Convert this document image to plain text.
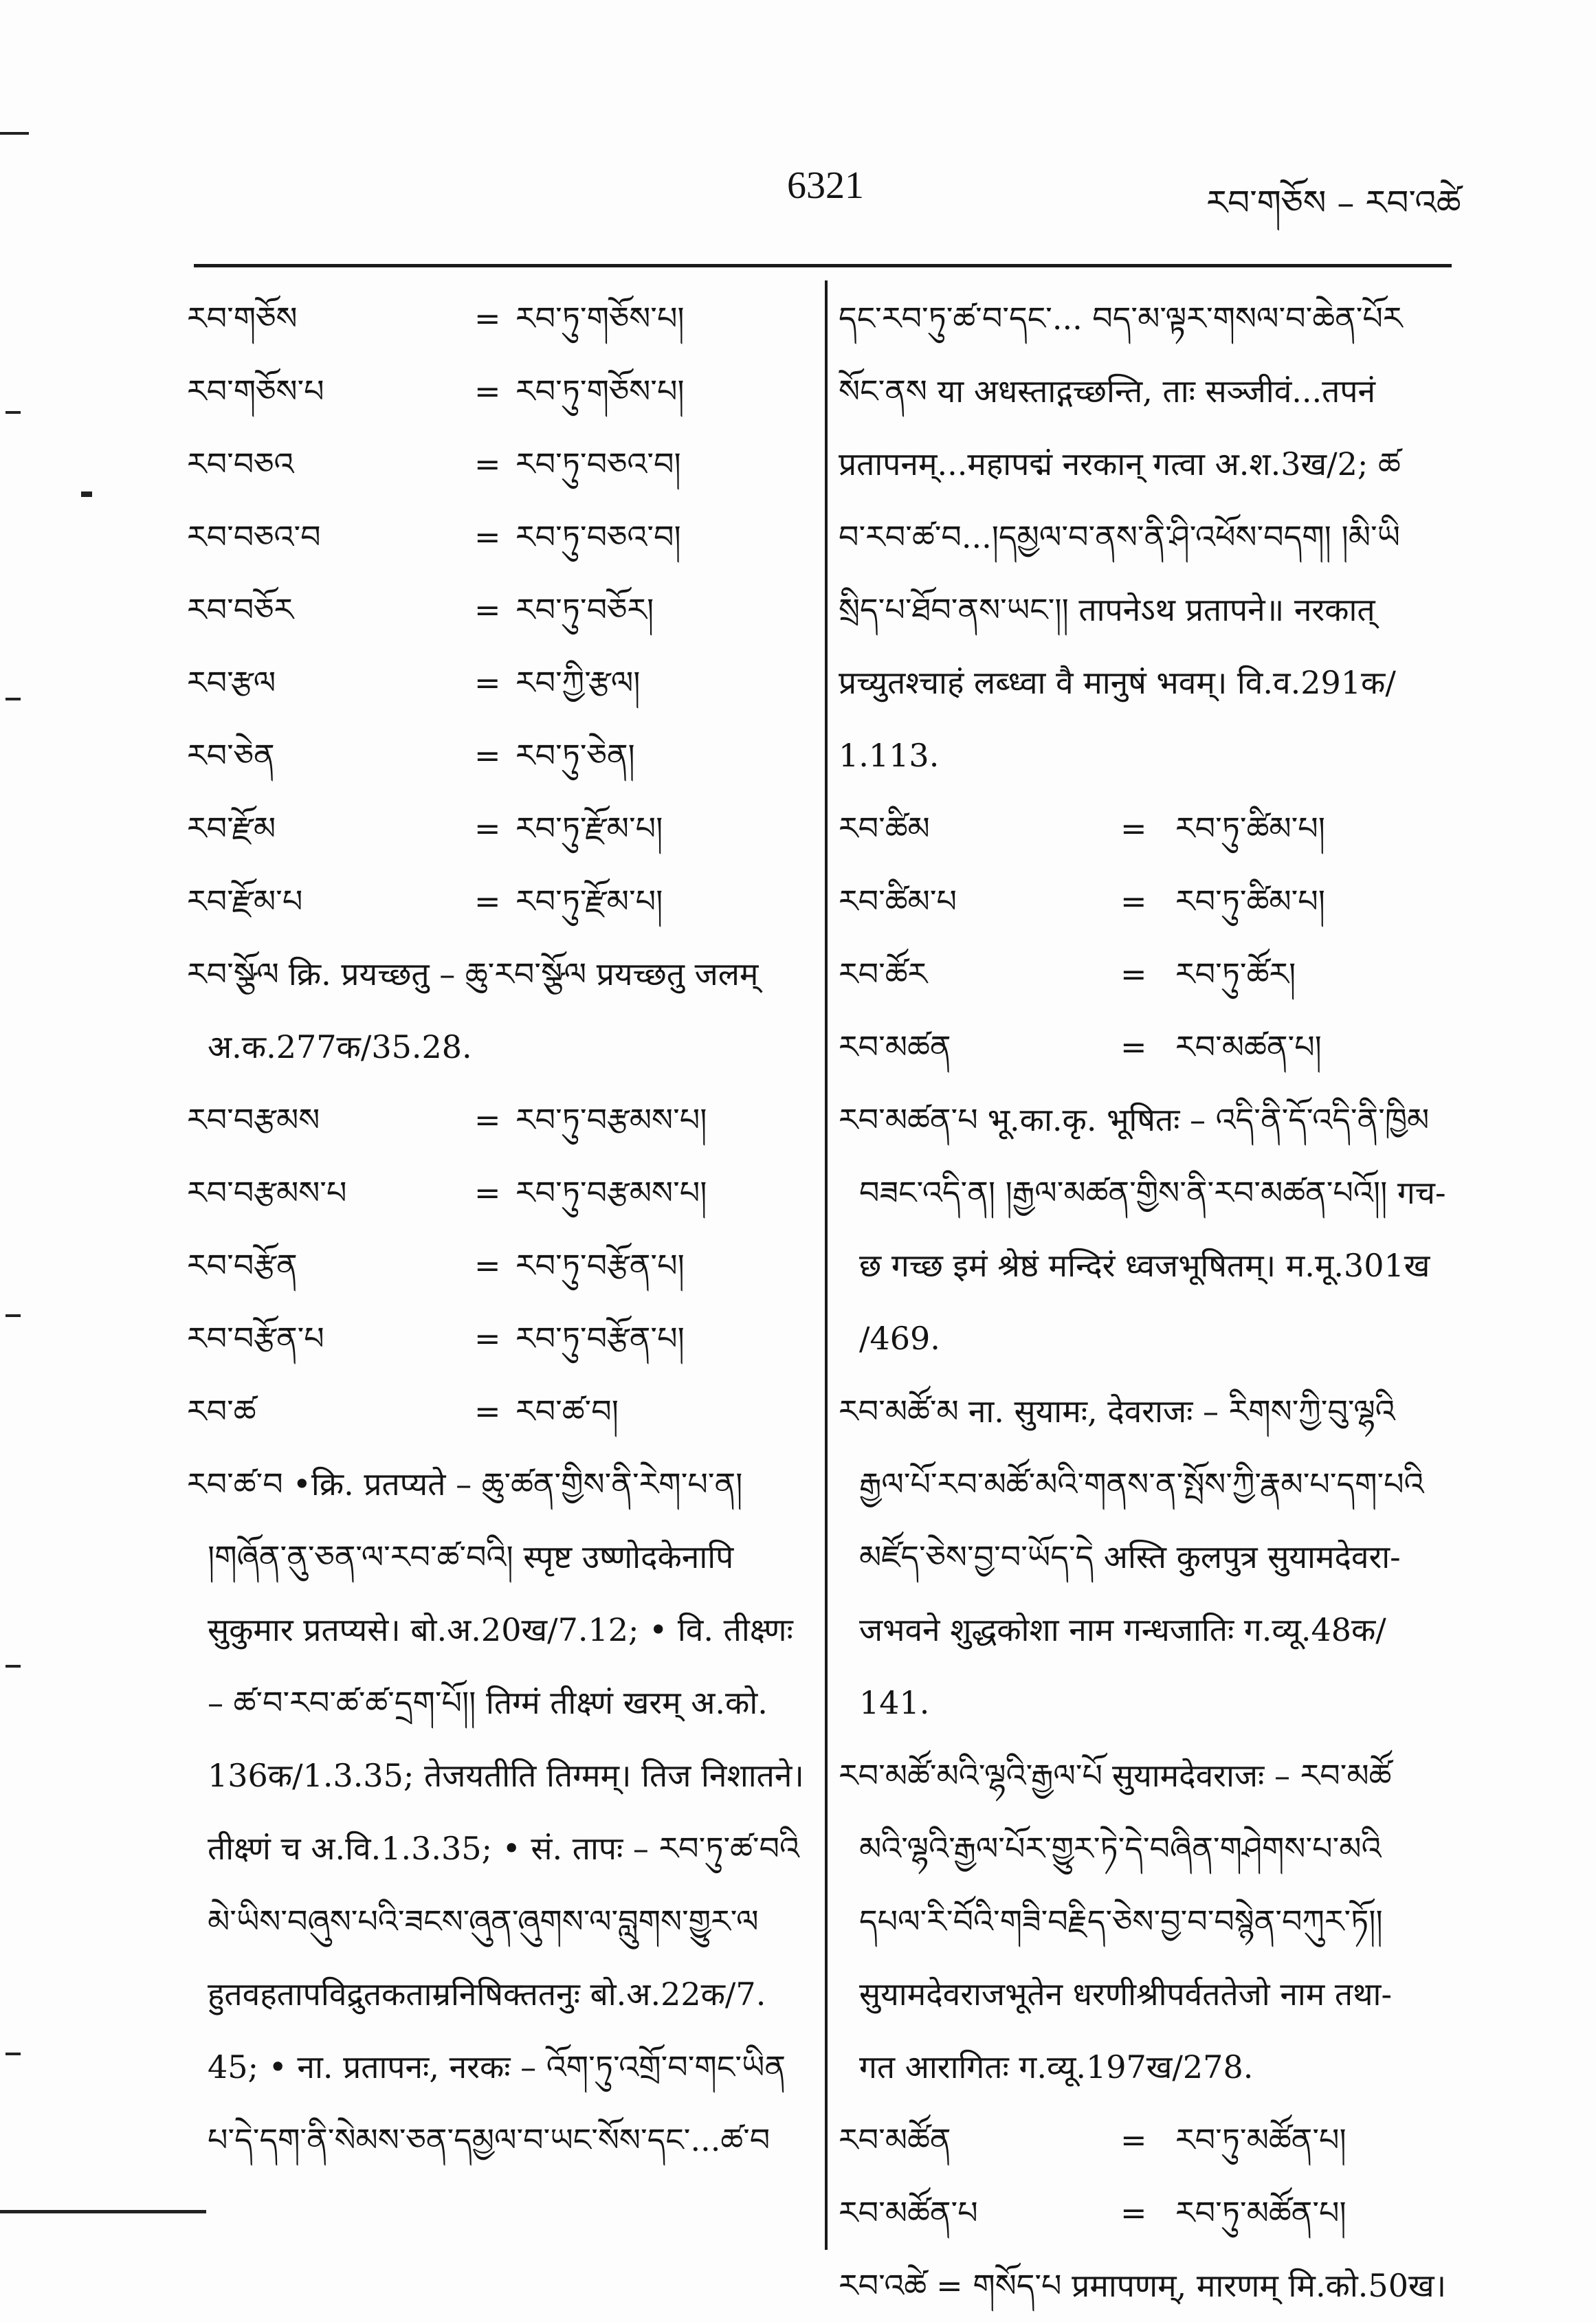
6321	རབ་གཅོས – རབ་འཚེ
རབ་གཅོས	= རབ་ཏུ་གཅོས་པ།
རབ་གཅོས་པ	= རབ་ཏུ་གཅོས་པ།
རབ་བཅའ	= རབ་ཏུ་བཅའ་བ།
རབ་བཅའ་བ	= རབ་ཏུ་བཅའ་བ།
རབ་བཅོར	= རབ་ཏུ་བཅོར།
རབ་རྩལ	= རབ་ཀྱི་རྩལ།
རབ་ཅེན	= རབ་ཏུ་ཅེན།
རབ་རྫོམ	= རབ་ཏུ་རྫོམ་པ།
རབ་རྫོམ་པ	= རབ་ཏུ་རྫོམ་པ།
རབ་སྩོལ क्रि. प्रयच्छतु – ཆུ་རབ་སྩོལ प्रयच्छतु जलम्
अ.क.277क/35.28.
རབ་བརྩམས	= རབ་ཏུ་བརྩམས་པ།
རབ་བརྩམས་པ	= རབ་ཏུ་བརྩམས་པ།
རབ་བརྩོན	= རབ་ཏུ་བརྩོན་པ།
རབ་བརྩོན་པ	= རབ་ཏུ་བརྩོན་པ།
རབ་ཚ	= རབ་ཚ་བ།
རབ་ཚ་བ •क्रि. प्रतप्यते – ཆུ་ཚན་གྱིས་ནི་རེག་པ་ན།
།གཞོན་ནུ་ཅན་ལ་རབ་ཚ་བའི། स्पृष्ट उष्णोदकेनापि
सुकुमार प्रतप्यसे। बो.अ.20ख/7.12; • वि. तीक्ष्णः
– ཚ་བ་རབ་ཚ་ཚ་དྲག་པོ།། तिग्मं तीक्ष्णं खरम् अ.को.
136क/1.3.35; तेजयतीति तिग्मम्। तिज निशातने।
तीक्ष्णं च अ.वि.1.3.35; • सं. तापः – རབ་ཏུ་ཚ་བའི
མེ་ཡིས་བཞུས་པའི་ཟངས་ཞུན་ཞུགས་ལ་བླུགས་གྱུར་ལ
हुतवहतापविद्रुतकताम्रनिषिक्ततनुः बो.अ.22क/7.
45; • ना. प्रतापनः, नरकः – འོག་ཏུ་འགྲོ་བ་གང་ཡིན
པ་དེ་དག་ནི་སེམས་ཅན་དམྱལ་བ་ཡང་སོས་དང་...ཚ་བ
དང་རབ་ཏུ་ཚ་བ་དང་... བད་མ་ལྟར་གསལ་བ་ཆེན་པོར
སོང་ནས या अधस्ताद्गच्छन्ति, ताः सञ्जीवं...तपनं
प्रतापनम्...महापद्मं नरकान् गत्वा अ.श.3ख/2; ཚ
བ་རབ་ཚ་བ...།དམྱལ་བ་ནས་ནི་ཤི་འཕོས་བདག། །མི་ཡི
སྲིད་པ་ཐོབ་ནས་ཡང་།། तापनेऽथ प्रतापने॥ नरकात्
प्रच्युतश्चाहं लब्ध्वा वै मानुषं भवम्। वि.व.291क/
1.113.
རབ་ཚིམ	= རབ་ཏུ་ཚིམ་པ།
རབ་ཚིམ་པ	= རབ་ཏུ་ཚིམ་པ།
རབ་ཚོར	= རབ་ཏུ་ཚོར།
རབ་མཚན	= རབ་མཚན་པ།
རབ་མཚན་པ भू.का.कृ. भूषितः – འདི་ནི་དོ་འདི་ནི་ཁྱིམ
བཟང་འདི་ན། །རྒྱལ་མཚན་གྱིས་ནི་རབ་མཚན་པའོ།། गच-
छ गच्छ इमं श्रेष्ठं मन्दिरं ध्वजभूषितम्। म.मू.301ख
/469.
རབ་མཚོ་མ ना. सुयामः, देवराजः – རིགས་ཀྱི་བུ་ལྷའི
རྒྱལ་པོ་རབ་མཚོ་མའི་གནས་ན་སྤོས་ཀྱི་རྣམ་པ་དག་པའི
མཛོད་ཅེས་བྱ་བ་ཡོད་དེ अस्ति कुलपुत्र सुयामदेवरा-
जभवने शुद्धकोशा नाम गन्धजातिः ग.व्यू.48क/
141.
རབ་མཚོ་མའི་ལྷའི་རྒྱལ་པོ सुयामदेवराजः – རབ་མཚོ
མའི་ལྷའི་རྒྱལ་པོར་གྱུར་ཏེ་དེ་བཞིན་གཤེགས་པ་མའི
དཔལ་རི་བོའི་གཟི་བརྗིད་ཅེས་བྱ་བ་བསྙེན་བཀུར་ཏོ།།
सुयामदेवराजभूतेन धरणीश्रीपर्वततेजो नाम तथा-
गत आरागितः ग.व्यू.197ख/278.
རབ་མཚོན	= རབ་ཏུ་མཚོན་པ།
རབ་མཚོན་པ	= རབ་ཏུ་མཚོན་པ།
རབ་འཚེ = གསོད་པ प्रमापणम्, मारणम् मि.को.50ख।
